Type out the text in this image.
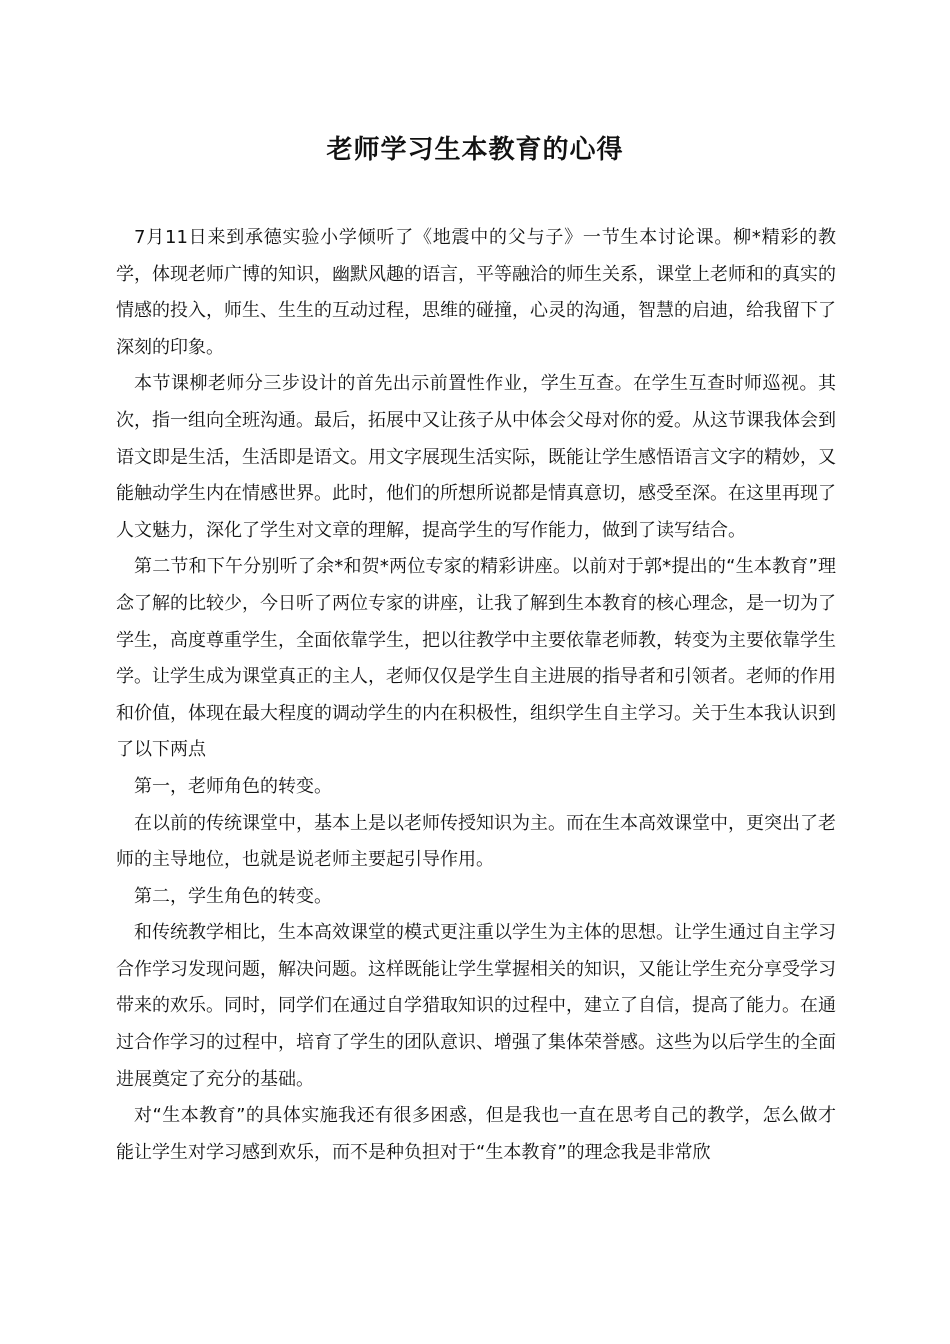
老师学习生本教育的心得

7月11日来到承德实验小学倾听了《地震中的父与子》一节生本讨论课。柳*精彩的教学，体现老师广博的知识，幽默风趣的语言，平等融洽的师生关系，课堂上老师和的真实的情感的投入，师生、生生的互动过程，思维的碰撞，心灵的沟通，智慧的启迪，给我留下了深刻的印象。

本节课柳老师分三步设计的首先出示前置性作业，学生互查。在学生互查时师巡视。其次，指一组向全班沟通。最后，拓展中又让孩子从中体会父母对你的爱。从这节课我体会到语文即是生活，生活即是语文。用文字展现生活实际，既能让学生感悟语言文字的精妙，又能触动学生内在情感世界。此时，他们的所想所说都是情真意切，感受至深。在这里再现了人文魅力，深化了学生对文章的理解，提高学生的写作能力，做到了读写结合。

第二节和下午分别听了余*和贺*两位专家的精彩讲座。以前对于郭*提出的“生本教育”理念了解的比较少，今日听了两位专家的讲座，让我了解到生本教育的核心理念，是一切为了学生，高度尊重学生，全面依靠学生，把以往教学中主要依靠老师教，转变为主要依靠学生学。让学生成为课堂真正的主人，老师仅仅是学生自主进展的指导者和引领者。老师的作用和价值，体现在最大程度的调动学生的内在积极性，组织学生自主学习。关于生本我认识到了以下两点

第一，老师角色的转变。

在以前的传统课堂中，基本上是以老师传授知识为主。而在生本高效课堂中，更突出了老师的主导地位，也就是说老师主要起引导作用。

第二，学生角色的转变。

和传统教学相比，生本高效课堂的模式更注重以学生为主体的思想。让学生通过自主学习合作学习发现问题，解决问题。这样既能让学生掌握相关的知识，又能让学生充分享受学习带来的欢乐。同时，同学们在通过自学猎取知识的过程中，建立了自信，提高了能力。在通过合作学习的过程中，培育了学生的团队意识、增强了集体荣誉感。这些为以后学生的全面进展奠定了充分的基础。

对“生本教育”的具体实施我还有很多困惑，但是我也一直在思考自己的教学，怎么做才能让学生对学习感到欢乐，而不是种负担对于“生本教育”的理念我是非常欣
